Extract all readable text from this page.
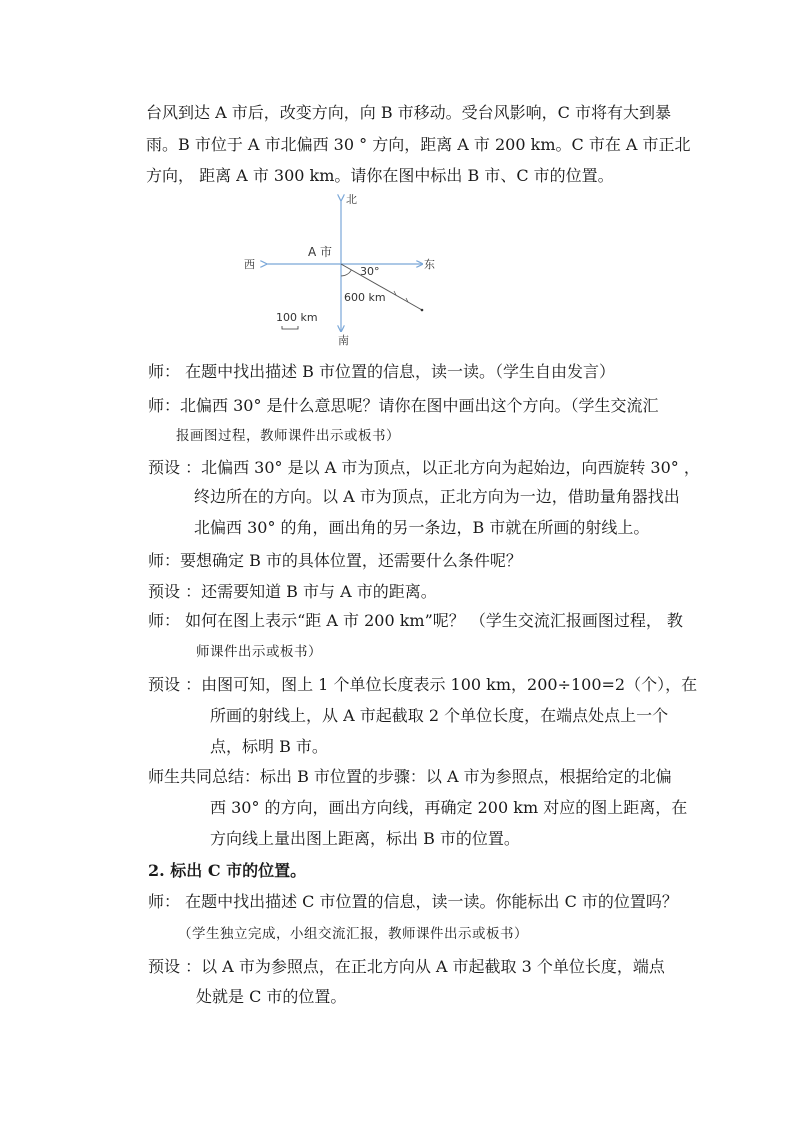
台风到达 A 市后，改变方向，向 B 市移动。受台风影响，C 市将有大到暴
雨。B 市位于 A 市北偏西 30 ° 方向，距离 A 市 200 km。C 市在 A 市正北
方向， 距离 A 市 300 km。请你在图中标出 B 市、C 市的位置。
北
南
西	东
A 市
30°
600 km
100 km
师： 在题中找出描述 B 市位置的信息，读一读。（学生自由发言）
师：北偏西 30° 是什么意思呢？请你在图中画出这个方向。（学生交流汇
报画图过程，教师课件出示或板书）
预设 ：北偏西 30° 是以 A 市为顶点，以正北方向为起始边，向西旋转 30° ，
终边所在的方向。以 A 市为顶点，正北方向为一边，借助量角器找出
北偏西 30° 的角，画出角的另一条边，B 市就在所画的射线上。
师：要想确定 B 市的具体位置，还需要什么条件呢？
预设 ：还需要知道 B 市与 A 市的距离。
师： 如何在图上表示“距 A 市 200 km”呢？ （学生交流汇报画图过程， 教
师课件出示或板书）
预设 ：由图可知，图上 1 个单位长度表示 100 km，200÷100=2（个），在
所画的射线上，从 A 市起截取 2 个单位长度，在端点处点上一个
点，标明 B 市。
师生共同总结：标出 B 市位置的步骤：以 A 市为参照点，根据给定的北偏
西 30° 的方向，画出方向线，再确定 200 km 对应的图上距离，在
方向线上量出图上距离，标出 B 市的位置。
2. 标出 C 市的位置。
师： 在题中找出描述 C 市位置的信息，读一读。你能标出 C 市的位置吗？
（学生独立完成，小组交流汇报，教师课件出示或板书）
预设 ：以 A 市为参照点，在正北方向从 A 市起截取 3 个单位长度，端点
处就是 C 市的位置。
